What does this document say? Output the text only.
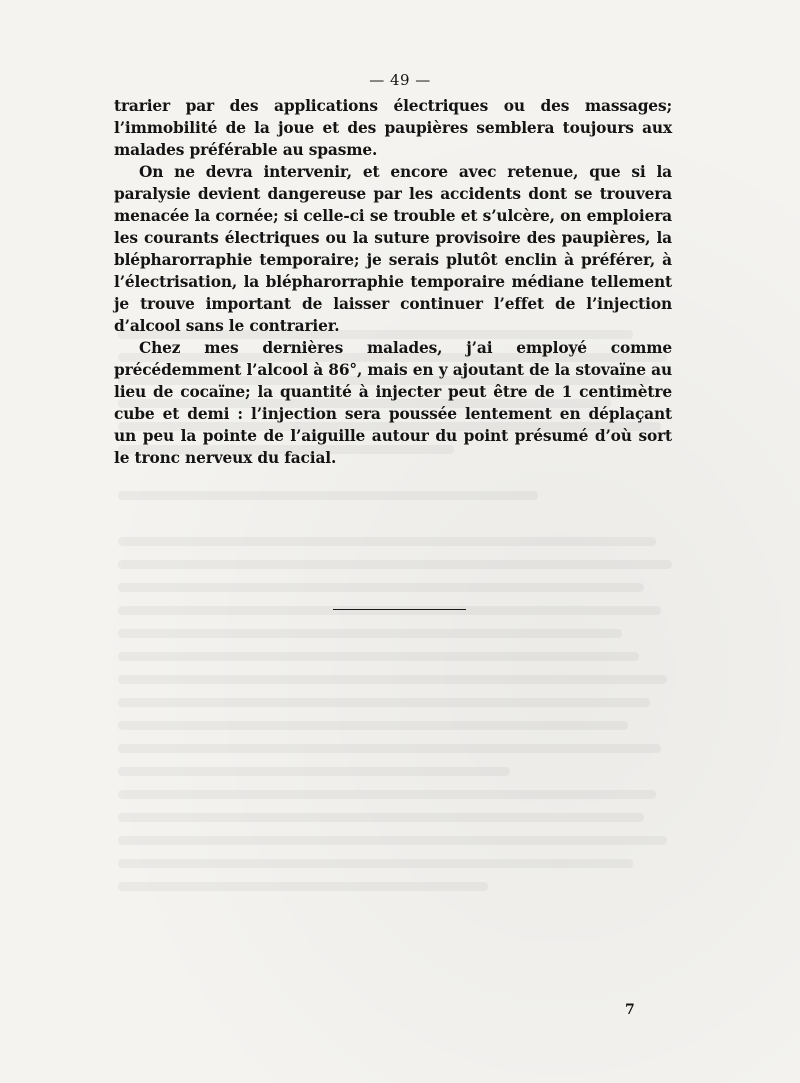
— 49 —

trarier par des applications électriques ou des massages; l’immobilité de la joue et des paupières semblera toujours aux malades préférable au spasme.

On ne devra intervenir, et encore avec retenue, que si la paralysie devient dangereuse par les accidents dont se trouvera menacée la cornée; si celle-ci se trouble et s’ulcère, on emploiera les courants électriques ou la suture provisoire des paupières, la blépharorraphie temporaire; je serais plutôt enclin à préférer, à l’électrisation, la blépharorraphie temporaire médiane tellement je trouve important de laisser continuer l’effet de l’injection d’alcool sans le contrarier.

Chez mes dernières malades, j’ai employé comme précédemment l’alcool à 86°, mais en y ajoutant de la stovaïne au lieu de cocaïne; la quantité à injecter peut être de 1 centimètre cube et demi : l’injection sera poussée lentement en déplaçant un peu la pointe de l’aiguille autour du point présumé d’où sort le tronc nerveux du facial.

7
